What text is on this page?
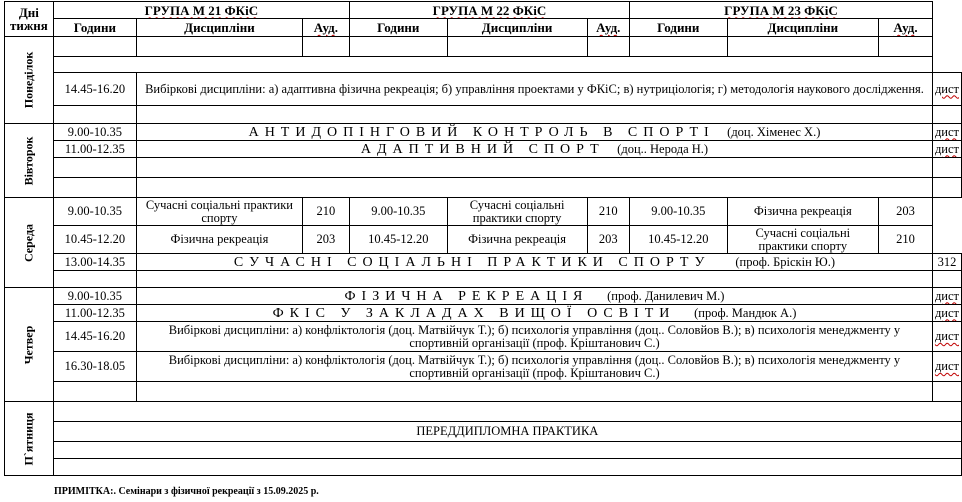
Дні тижня	ГРУПА М 21 ФКіС			ГРУПА М 22 ФКіС			ГРУПА М 23 ФКіС			
	Години	Дисципліни	Ауд.	Години	Дисципліни	Ауд.	Години	Дисципліни	Ауд.	

Понеділок										

	14.45-16.20	Вибіркові дисципліни: а) адаптивна фізична рекреація; б) управління проектами у ФКіС; в) нутриціологія; г) методологія наукового дослідження.								дист

Вівторок	9.00-10.35	АНТИДОПІНГОВИЙ КОНТРОЛЬ В СПОРТІ (доц. Хіменес Х.)								дист
	11.00-12.35	АДАПТИВНИЙ СПОРТ (доц.. Нерода Н.)								дист

Середа	9.00-10.35	Сучасні соціальні практики спорту	210	9.00-10.35	Сучасні соціальні практики спорту	210	9.00-10.35	Фізична рекреація	203	
	10.45-12.20	Фізична рекреація	203	10.45-12.20	Фізична рекреація	203	10.45-12.20	Сучасні соціальні практики спорту	210	
	13.00-14.35	СУЧАСНІ СОЦІАЛЬНІ ПРАКТИКИ СПОРТУ (проф. Бріскін Ю.)								312

Четвер	9.00-10.35	ФІЗИЧНА РЕКРЕАЦІЯ (проф. Данилевич М.)								дист
	11.00-12.35	ФКІС У ЗАКЛАДАХ ВИЩОЇ ОСВІТИ (проф. Мандюк А.)								дист
	14.45-16.20	Вибіркові дисципліни: а) конфліктологія (доц. Матвійчук Т.); б) психологія управління (доц.. Соловйов В.); в) психологія менеджменту у спортивній організації (проф. Кріштанович С.)								дист
	16.30-18.05	Вибіркові дисципліни: а) конфліктологія (доц. Матвійчук Т.); б) психологія управління (доц.. Соловйов В.); в) психологія менеджменту у спортивній організації (проф. Кріштанович С.)								дист

П`ятниця										

	ПЕРЕДДИПЛОМНА ПРАКТИКА									

ПРИМІТКА:. Семінари з фізичної рекреації з 15.09.2025 р.
